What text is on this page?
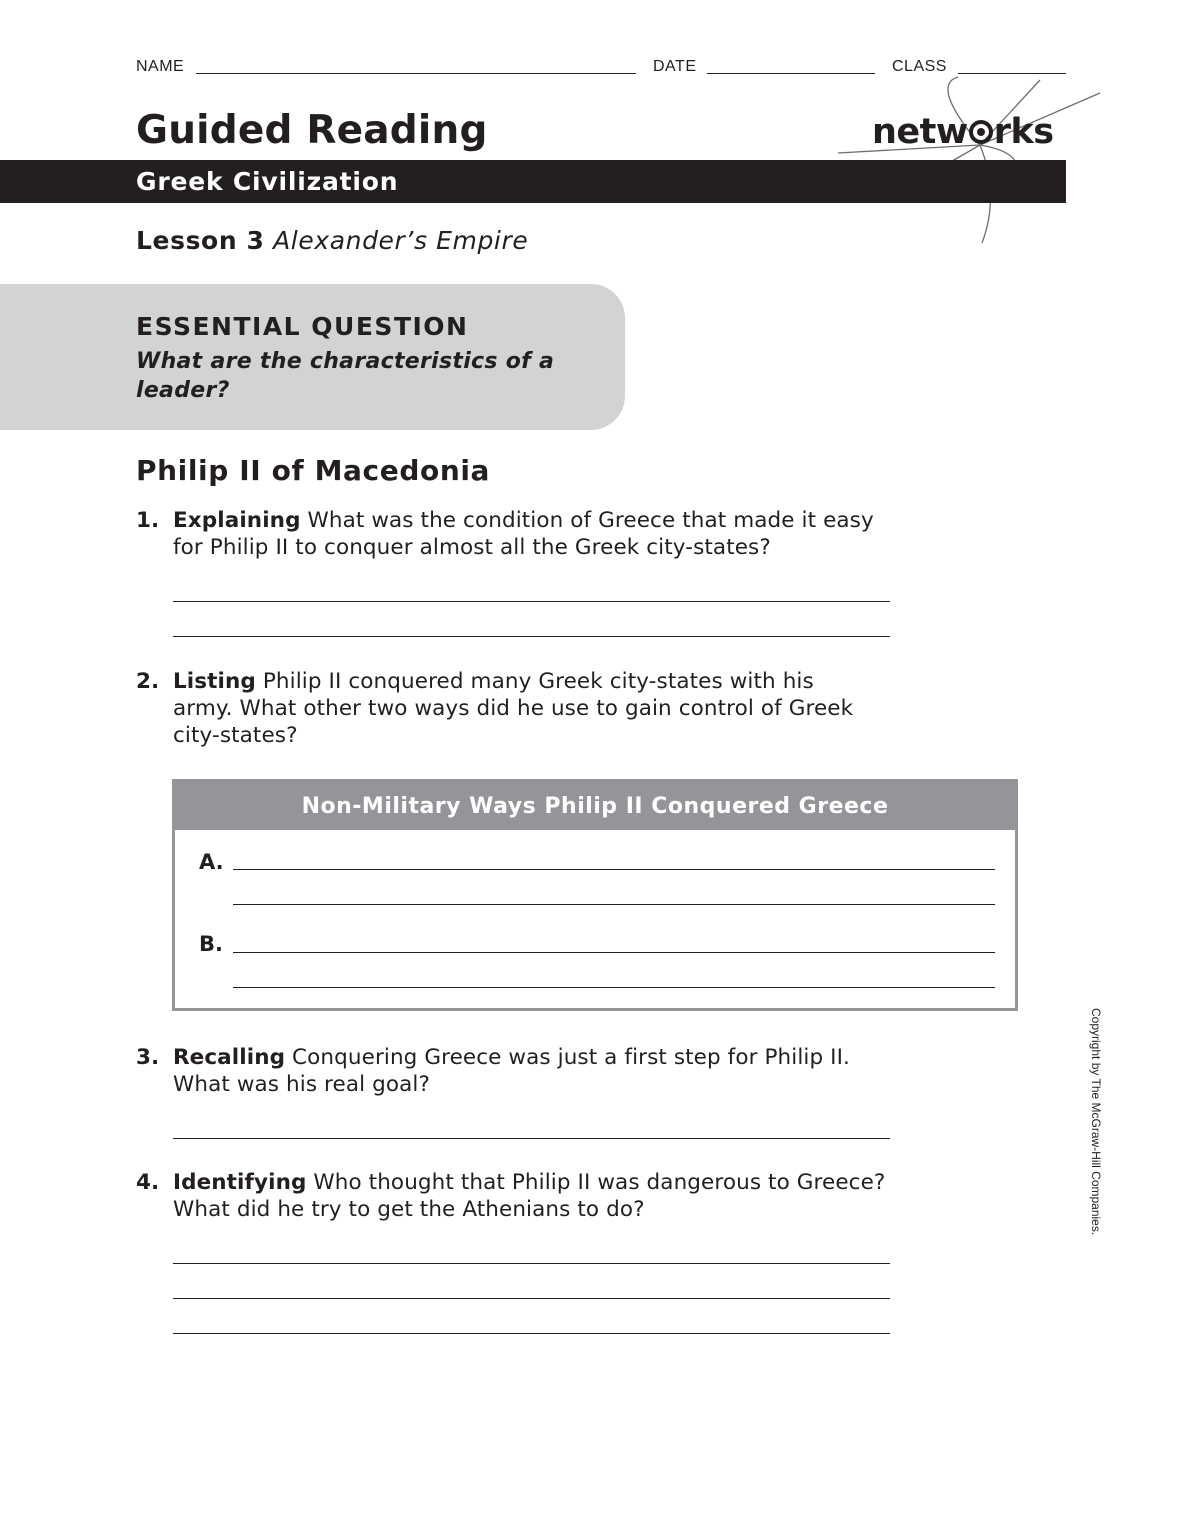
NAME	DATE	CLASS
Guided Reading	netw rks
Greek Civilization
Lesson 3 Alexander’s Empire
ESSENTIAL QUESTION
What are the characteristics of a leader?
Philip II of Macedonia
1. Explaining What was the condition of Greece that made it easy for Philip II to conquer almost all the Greek city-states?
2. Listing Philip II conquered many Greek city-states with his army. What other two ways did he use to gain control of Greek city-states?
Non-Military Ways Philip II Conquered Greece
A.
B.
3. Recalling Conquering Greece was just a first step for Philip II. What was his real goal?
4. Identifying Who thought that Philip II was dangerous to Greece? What did he try to get the Athenians to do?	Copyright by The McGraw-Hill Companies.
